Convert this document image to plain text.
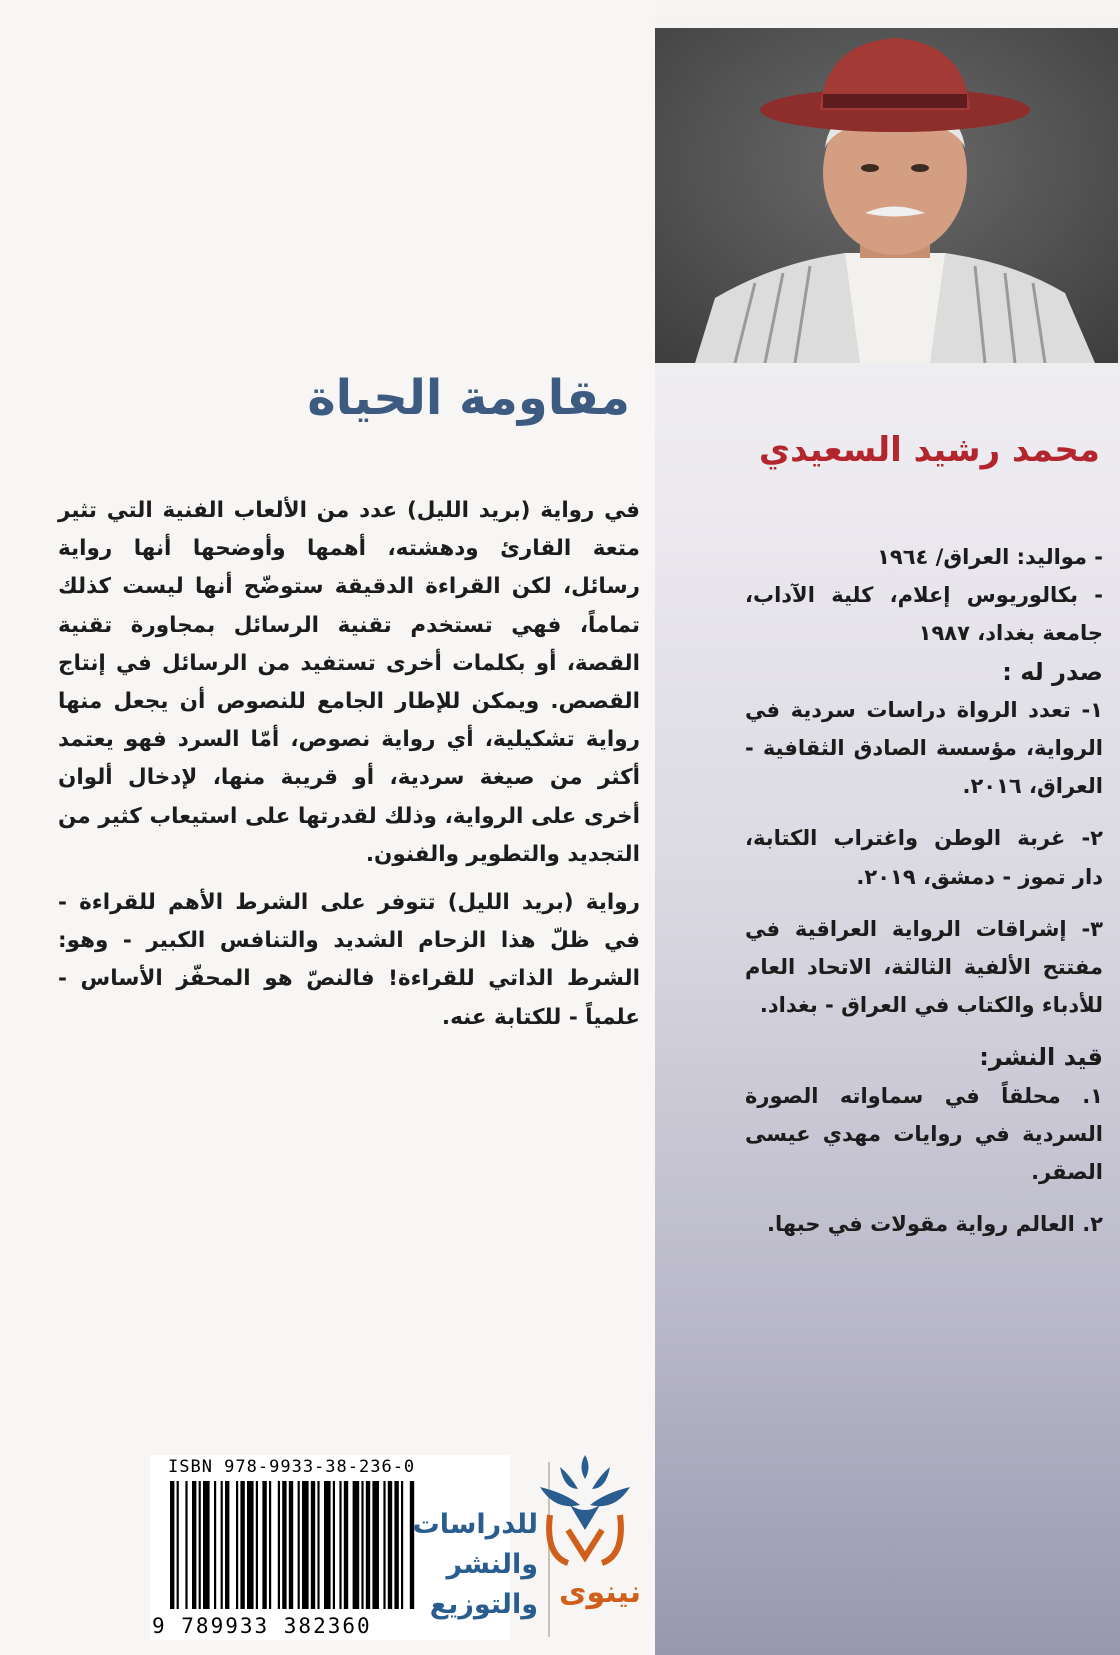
مقاومة الحياة
محمد رشيد السعيدي

في رواية (بريد الليل) عدد من الألعاب الفنية التي تثير متعة القارئ ودهشته، أهمها وأوضحها أنها رواية رسائل، لكن القراءة الدقيقة ستوضّح أنها ليست كذلك تماماً، فهي تستخدم تقنية الرسائل بمجاورة تقنية القصة، أو بكلمات أخرى تستفيد من الرسائل في إنتاج القصص. ويمكن للإطار الجامع للنصوص أن يجعل منها رواية تشكيلية، أي رواية نصوص، أمّا السرد فهو يعتمد أكثر من صيغة سردية، أو قريبة منها، لإدخال ألوان أخرى على الرواية، وذلك لقدرتها على استيعاب كثير من التجديد والتطوير والفنون.

رواية (بريد الليل) تتوفر على الشرط الأهم للقراءة - في ظلّ هذا الزحام الشديد والتنافس الكبير - وهو: الشرط الذاتي للقراءة! فالنصّ هو المحفّز الأساس - علمياً - للكتابة عنه.

- مواليد: العراق/ ١٩٦٤

- بكالوريوس إعلام، كلية الآداب، جامعة بغداد، ١٩٨٧

صدر له :

١- تعدد الرواة دراسات سردية في الرواية، مؤسسة الصادق الثقافية - العراق، ٢٠١٦.

٢- غربة الوطن واغتراب الكتابة، دار تموز - دمشق، ٢٠١٩.

٣- إشراقات الرواية العراقية في مفتتح الألفية الثالثة، الاتحاد العام للأدباء والكتاب في العراق - بغداد.

قيد النشر:

١. محلقاً في سماواته الصورة السردية في روايات مهدي عيسى الصقر.

٢. العالم رواية مقولات في حبها.

ISBN 978-9933-38-236-0
9 789933 382360
نينوى
للدراسات
والنشر
والتوزيع
